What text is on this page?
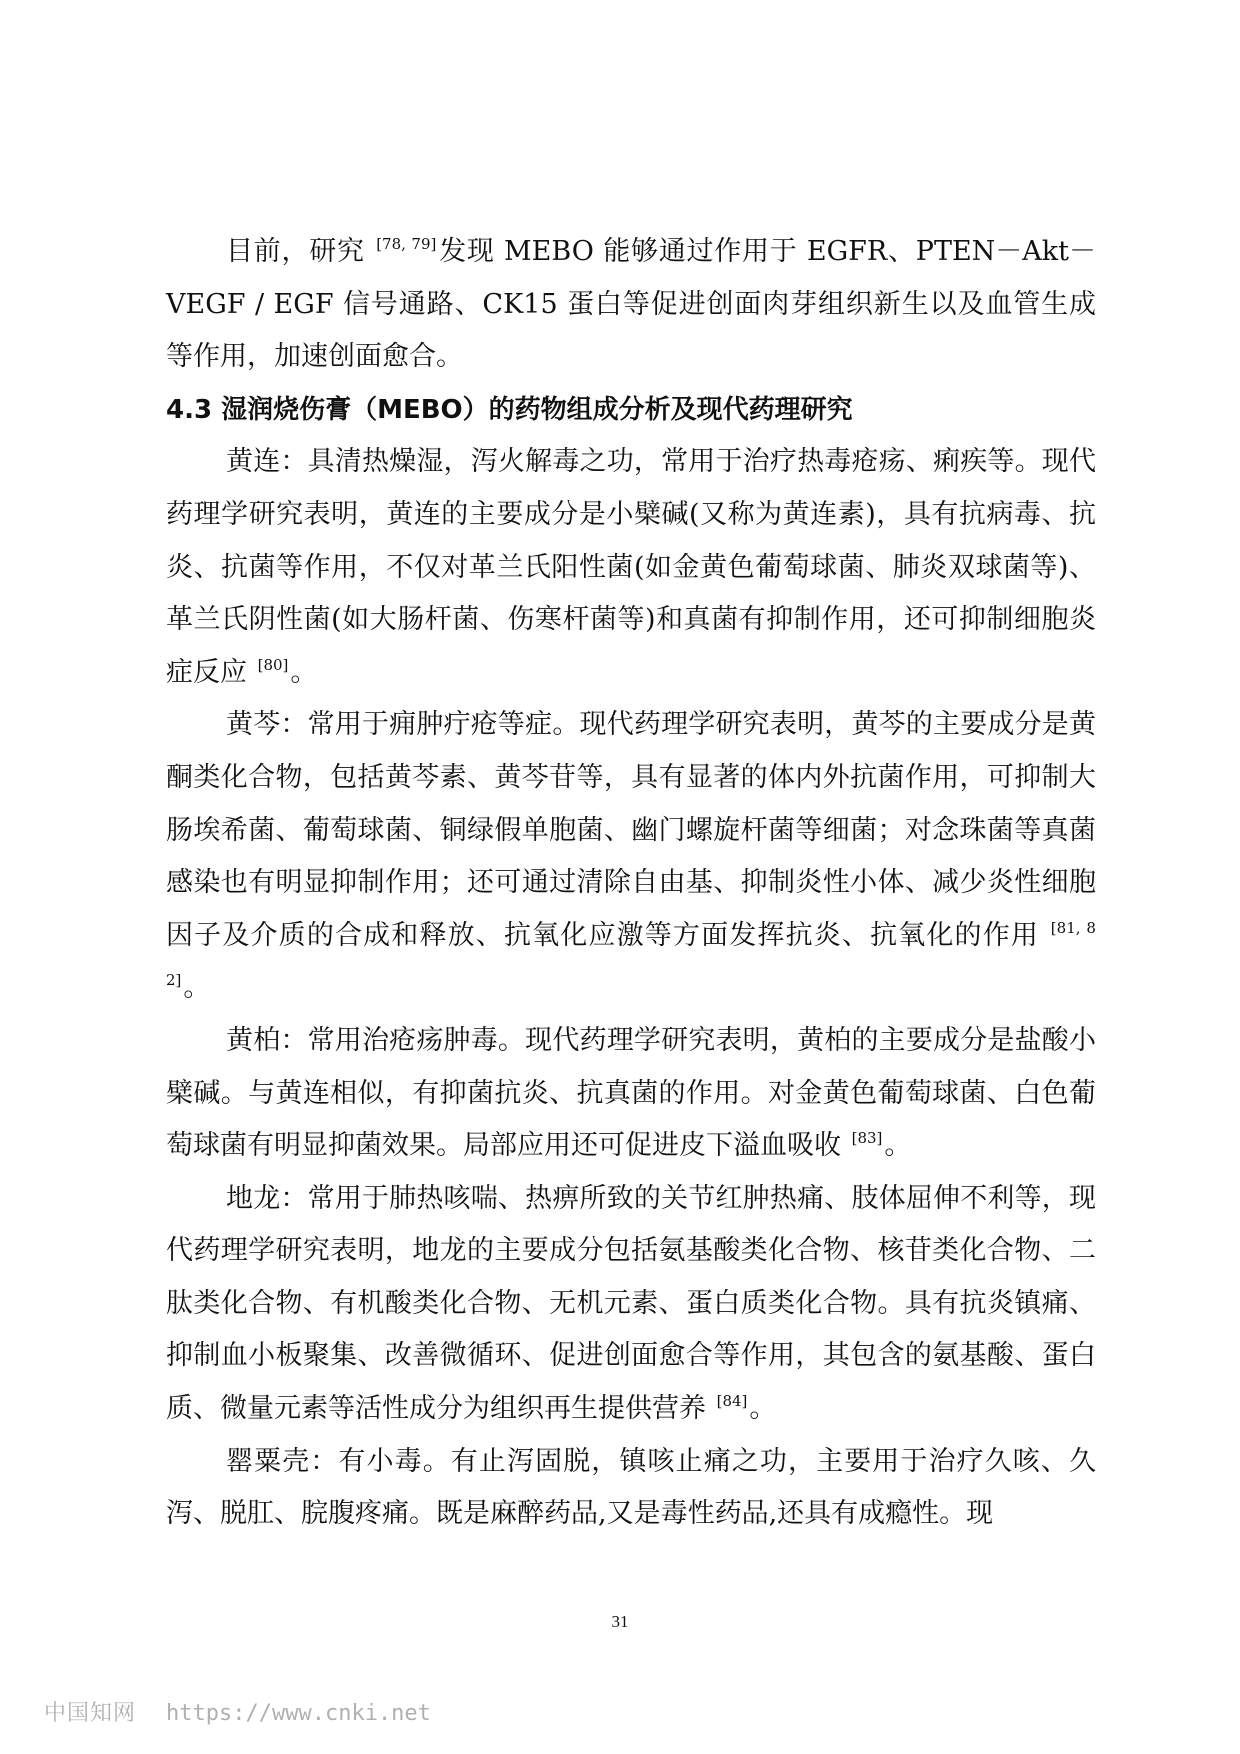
目前，研究 [78, 79]发现 MEBO 能够通过作用于 EGFR、PTEN－Akt－VEGF / EGF 信号通路、CK15 蛋白等促进创面肉芽组织新生以及血管生成等作用，加速创面愈合。

4.3 湿润烧伤膏（MEBO）的药物组成分析及现代药理研究

黄连：具清热燥湿，泻火解毒之功，常用于治疗热毒疮疡、痢疾等。现代药理学研究表明，黄连的主要成分是小檗碱(又称为黄连素)，具有抗病毒、抗炎、抗菌等作用，不仅对革兰氏阳性菌(如金黄色葡萄球菌、肺炎双球菌等)、革兰氏阴性菌(如大肠杆菌、伤寒杆菌等)和真菌有抑制作用，还可抑制细胞炎症反应 [80]。

黄芩：常用于痈肿疔疮等症。现代药理学研究表明，黄芩的主要成分是黄酮类化合物，包括黄芩素、黄芩苷等，具有显著的体内外抗菌作用，可抑制大肠埃希菌、葡萄球菌、铜绿假单胞菌、幽门螺旋杆菌等细菌；对念珠菌等真菌感染也有明显抑制作用；还可通过清除自由基、抑制炎性小体、减少炎性细胞因子及介质的合成和释放、抗氧化应激等方面发挥抗炎、抗氧化的作用 [81, 82]。

黄柏：常用治疮疡肿毒。现代药理学研究表明，黄柏的主要成分是盐酸小檗碱。与黄连相似，有抑菌抗炎、抗真菌的作用。对金黄色葡萄球菌、白色葡萄球菌有明显抑菌效果。局部应用还可促进皮下溢血吸收 [83]。

地龙：常用于肺热咳喘、热痹所致的关节红肿热痛、肢体屈伸不利等，现代药理学研究表明，地龙的主要成分包括氨基酸类化合物、核苷类化合物、二肽类化合物、有机酸类化合物、无机元素、蛋白质类化合物。具有抗炎镇痛、抑制血小板聚集、改善微循环、促进创面愈合等作用，其包含的氨基酸、蛋白质、微量元素等活性成分为组织再生提供营养 [84]。

罂粟壳：有小毒。有止泻固脱，镇咳止痛之功，主要用于治疗久咳、久泻、脱肛、脘腹疼痛。既是麻醉药品,又是毒性药品,还具有成瘾性。现

31
中国知网 https://www.cnki.net
